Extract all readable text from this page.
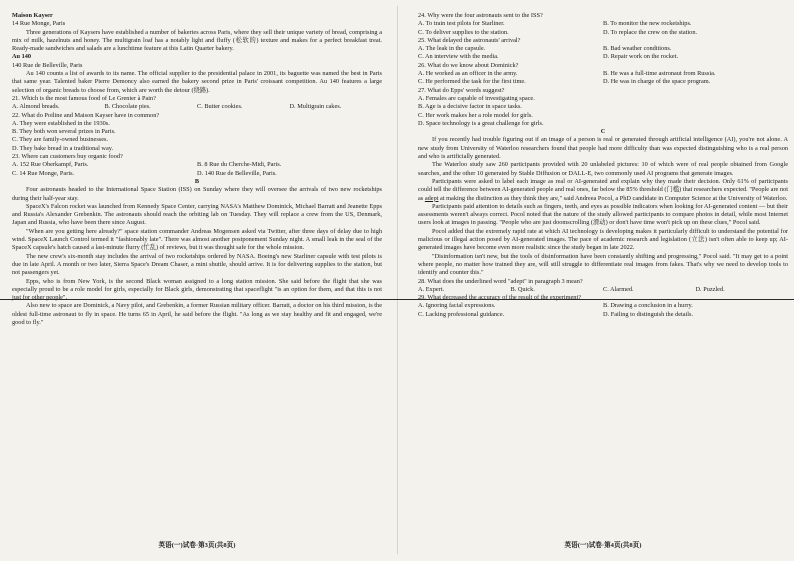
Maison Kayser

14 Rue Monge, Paris

Three generations of Kaysers have established a number of bakeries across Paris, where they sell their unique variety of bread, comprising a mix of milk, hazelnuts and honey. The multigrain loaf has a notably light and fluffy (松软的) texture and makes for a perfect breakfast treat. Ready-made sandwiches and salads are a lunchtime feature at this Latin Quarter bakery.

Au 140

140 Rue de Belleville, Paris

Au 140 counts a list of awards to its name. The official supplier to the presidential palace in 2001, its baguette was named the best in Paris that same year. Talented baker Pierre Demoncy also earned the bakery second prize in Paris' croissant competition. Au 140 features a large selection of organic breads to choose from, which are worth the detour (绕路).

21. Which is the most famous food of Le Grenier à Pain?

A. Almond breads.	B. Chocolate pies.	C. Butter cookies.	D. Multigrain cakes.

22. What do Poiline and Maison Kayser have in common?

A. They were established in the 1930s.
B. They both won several prizes in Paris.
C. They are family-owned businesses.
D. They bake bread in a traditional way.

23. Where can customers buy organic food?

A. 152 Rue Oberkampf, Paris.	B. 8 Rue du Cherche-Midi, Paris.
C. 14 Rue Monge, Paris.	D. 140 Rue de Belleville, Paris.

B

Four astronauts headed to the International Space Station (ISS) on Sunday where they will oversee the arrivals of two new rocketships during their half-year stay.

SpaceX's Falcon rocket was launched from Kennedy Space Center, carrying NASA's Matthew Dominick, Michael Barratt and Jeanette Epps and Russia's Alexander Grebenkin. The astronauts should reach the orbiting lab on Tuesday. They will replace a crew from the US, Denmark, Japan and Russia, who have been there since August.

"When are you getting here already?" space station commander Andreas Mogensen asked via Twitter, after three days of delay due to high wind. SpaceX Launch Control termed it "fashionably late". There was almost another postponement Sunday night. A small leak in the seal of the SpaceX capsule's hatch caused a last-minute flurry (忙乱) of reviews, but it was thought safe for the whole mission.

The new crew's six-month stay includes the arrival of two rocketships ordered by NASA. Boeing's new Starliner capsule with test pilots is due in late April. A month or two later, Sierra Space's Dream Chaser, a mini shuttle, should arrive. It is for delivering supplies to the station, but not passengers yet.

Epps, who is from New York, is the second Black woman assigned to a long station mission. She said before the flight that she was especially proud to be a role model for girls, especially for Black girls, demonstrating that spaceflight "is an option for them, and that this is not just for other people".

Also new to space are Dominick, a Navy pilot, and Grebenkin, a former Russian military officer. Barratt, a doctor on his third mission, is the oldest full-time astronaut to fly in space. He turns 65 in April, he said before the flight. "As long as we stay healthy and fit and engaged, we're good to fly."

英语(一)试卷·第3页(共8页)

24. Why were the four astronauts sent to the ISS?

A. To train test pilots for Starliner.	B. To monitor the new rocketships.
C. To deliver supplies to the station.	D. To replace the crew on the station.

25. What delayed the astronauts' arrival?

A. The leak in the capsule.	B. Bad weather conditions.
C. An interview with the media.	D. Repair work on the rocket.

26. What do we know about Dominick?

A. He worked as an officer in the army.	B. He was a full-time astronaut from Russia.
C. He performed the task for the first time.	D. He was in charge of the space program.

27. What do Epps' words suggest?

A. Females are capable of investigating space.
B. Age is a decisive factor in space tasks.
C. Her work makes her a role model for girls.
D. Space technology is a great challenge for girls.

C

If you recently had trouble figuring out if an image of a person is real or generated through artificial intelligence (AI), you're not alone. A new study from University of Waterloo researchers found that people had more difficulty than was expected distinguishing who is a real person and who is artificially generated.

The Waterloo study saw 260 participants provided with 20 unlabeled pictures: 10 of which were of real people obtained from Google searches, and the other 10 generated by Stable Diffusion or DALL-E, two commonly used AI programs that generate images.

Participants were asked to label each image as real or AI-generated and explain why they made their decision. Only 61% of participants could tell the difference between AI-generated people and real ones, far below the 85% threshold (门槛) that researchers expected. "People are not as adept at making the distinction as they think they are," said Andreea Pocol, a PhD candidate in Computer Science at the University of Waterloo.

Participants paid attention to details such as fingers, teeth, and eyes as possible indicators when looking for AI-generated content — but their assessments weren't always correct. Pocol noted that the nature of the study allowed participants to compare photos in detail, while most Internet users look at images in passing. "People who are just doomscrolling (滑动) or don't have time won't pick up on these clues," Pocol said.

Pocol added that the extremely rapid rate at which AI technology is developing makes it particularly difficult to understand the potential for malicious or illegal action posed by AI-generated images. The pace of academic research and legislation (立法) isn't often able to keep up; AI-generated images have become even more realistic since the study began in late 2022.

"Disinformation isn't new, but the tools of disinformation have been constantly shifting and progressing," Pocol said. "It may get to a point where people, no matter how trained they are, will still struggle to differentiate real images from fakes. That's why we need to develop tools to identify and counter this."

28. What does the underlined word "adept" in paragraph 3 mean?

A. Expert.	B. Quick.	C. Alarmed.	D. Puzzled.

29. What decreased the accuracy of the result of the experiment?

A. Ignoring facial expressions.	B. Drawing a conclusion in a hurry.
C. Lacking professional guidance.	D. Failing to distinguish the details.
英语(一)试卷·第4页(共8页)
